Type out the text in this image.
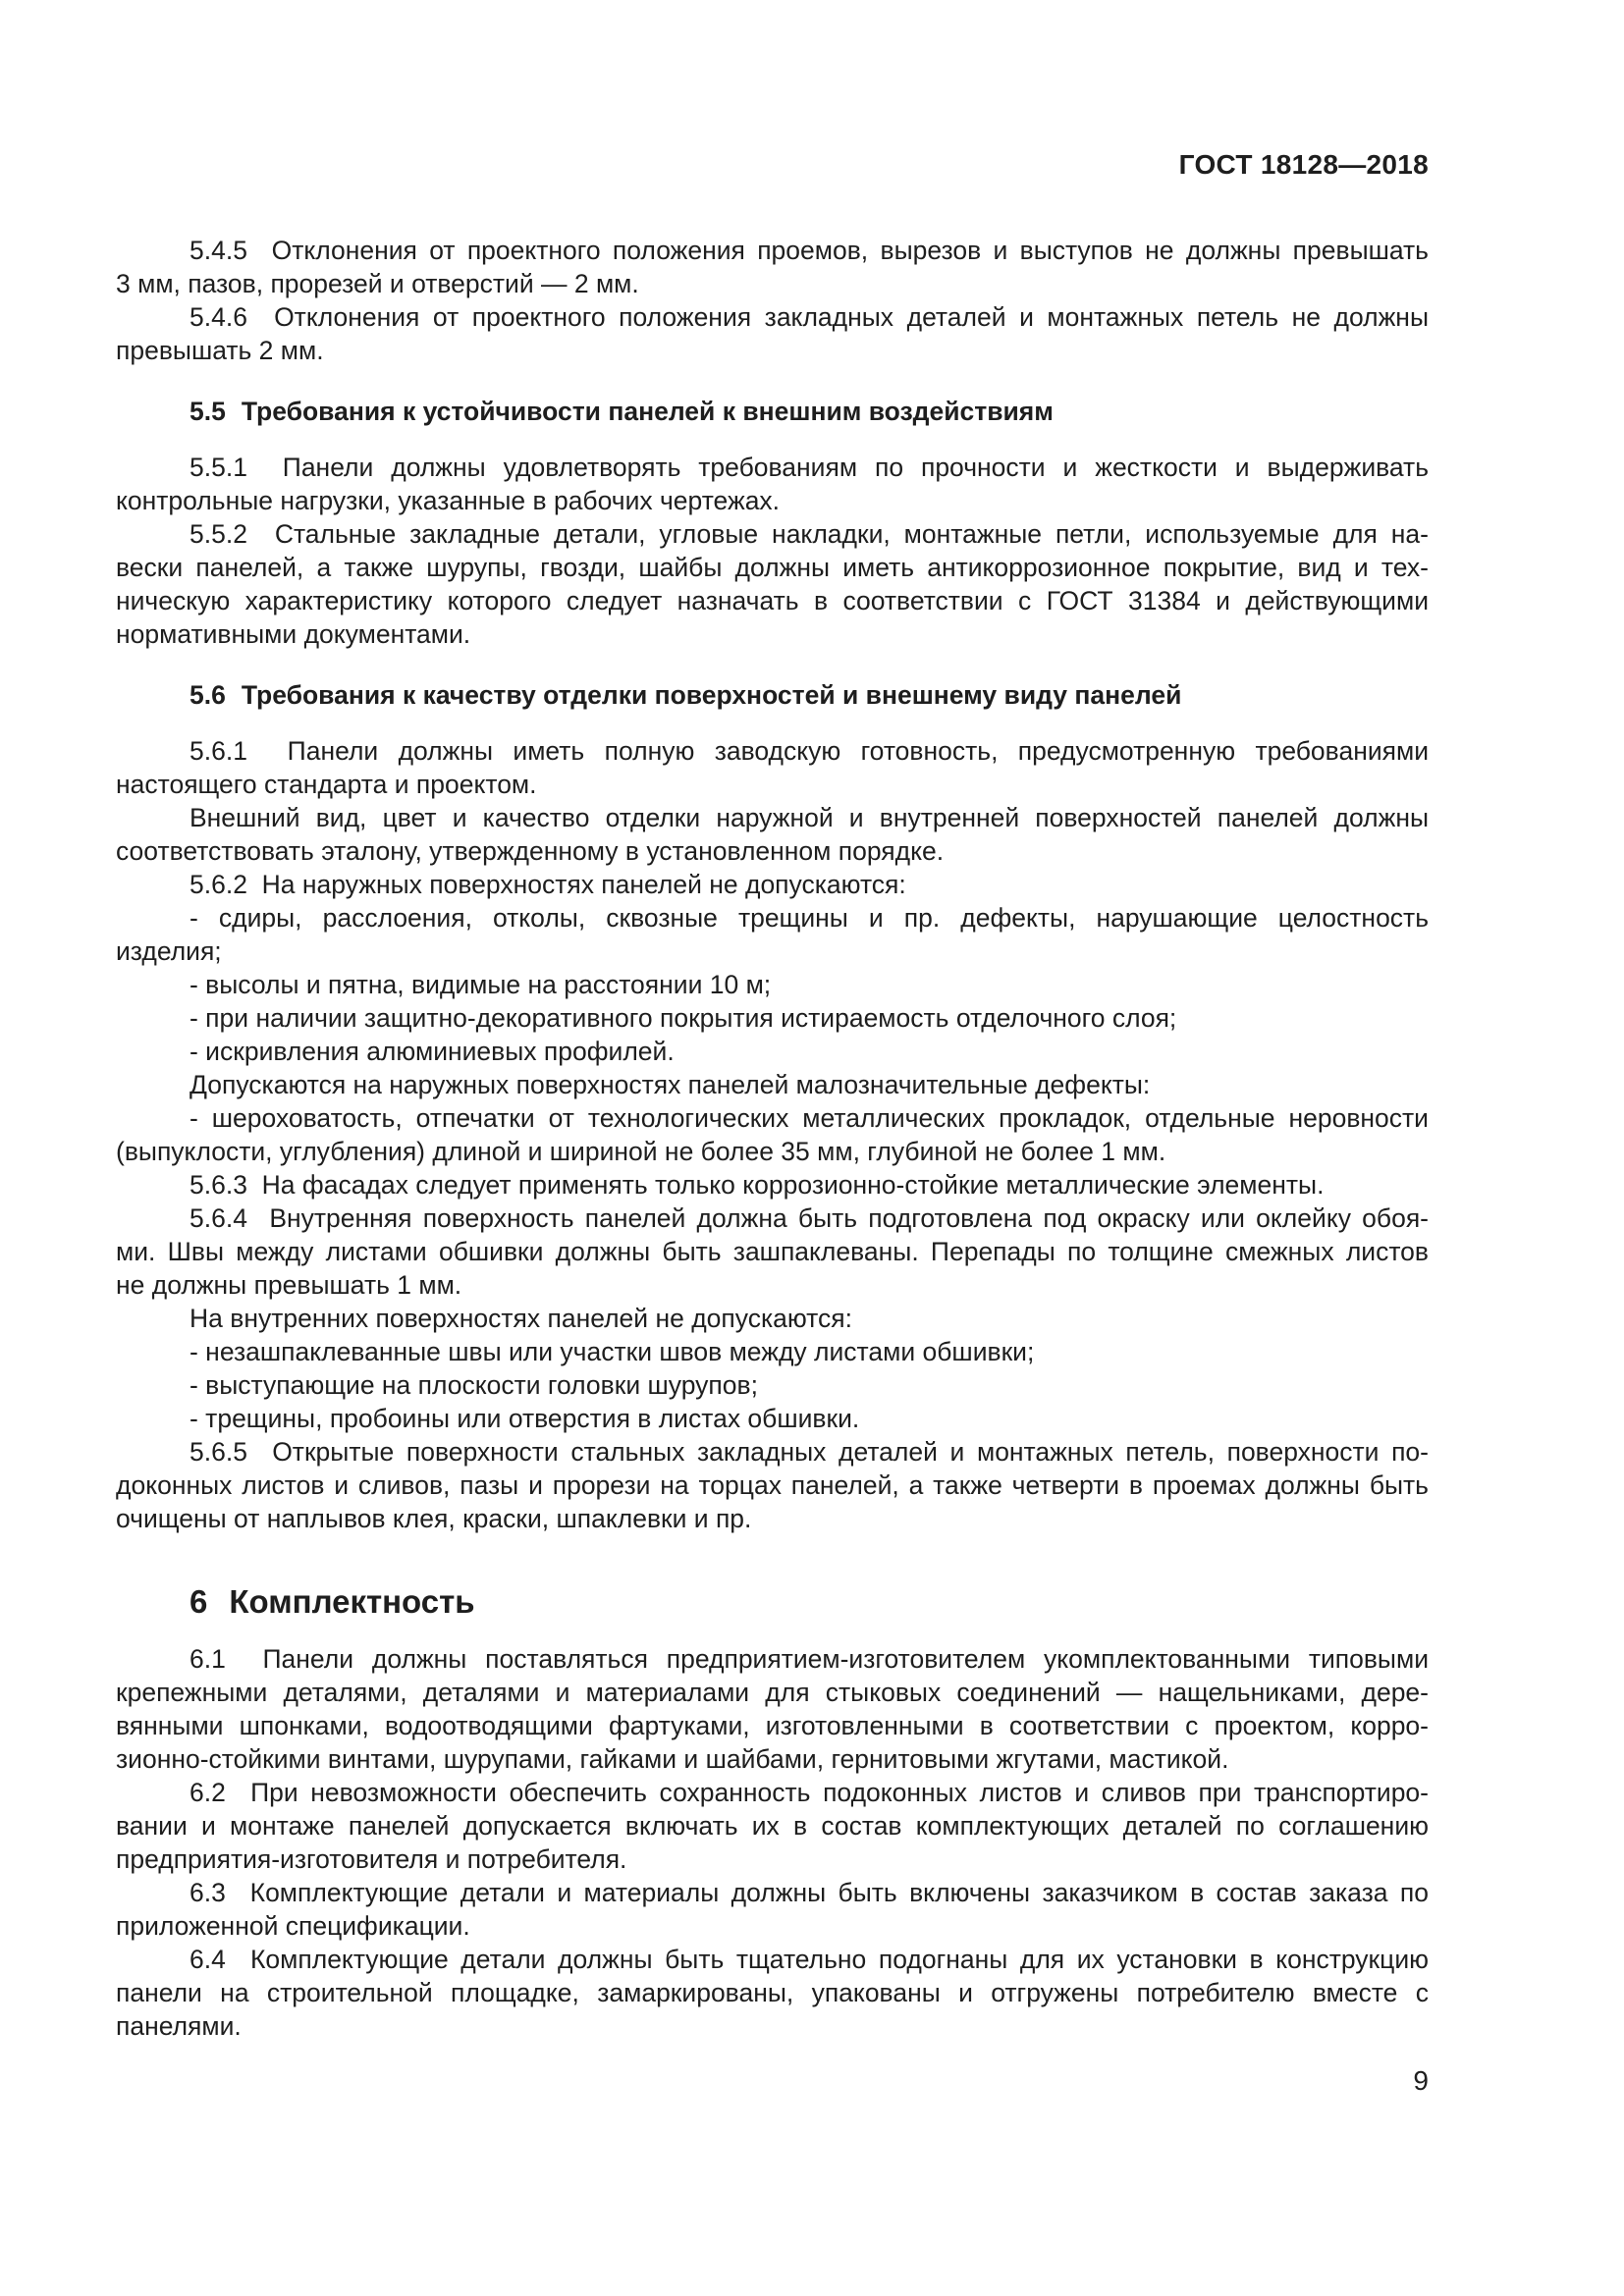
ГОСТ 18128—2018
5.4.5  Отклонения от проектного положения проемов, вырезов и выступов не должны превышать
3 мм, пазов, прорезей и отверстий — 2 мм.
5.4.6  Отклонения от проектного положения закладных деталей и монтажных петель не должны
превышать 2 мм.
5.5 Требования к устойчивости панелей к внешним воздействиям
5.5.1  Панели должны удовлетворять требованиям по прочности и жесткости и выдерживать
контрольные нагрузки, указанные в рабочих чертежах.
5.5.2  Стальные закладные детали, угловые накладки, монтажные петли, используемые для на-
вески панелей, а также шурупы, гвозди, шайбы должны иметь антикоррозионное покрытие, вид и тех-
ническую характеристику которого следует назначать в соответствии с ГОСТ 31384 и действующими
нормативными документами.
5.6 Требования к качеству отделки поверхностей и внешнему виду панелей
5.6.1  Панели должны иметь полную заводскую готовность, предусмотренную требованиями
настоящего стандарта и проектом.
Внешний вид, цвет и качество отделки наружной и внутренней поверхностей панелей должны
соответствовать эталону, утвержденному в установленном порядке.
5.6.2  На наружных поверхностях панелей не допускаются:
- сдиры, расслоения, отколы, сквозные трещины и пр. дефекты, нарушающие целостность
изделия;
- высолы и пятна, видимые на расстоянии 10 м;
- при наличии защитно-декоративного покрытия истираемость отделочного слоя;
- искривления алюминиевых профилей.
Допускаются на наружных поверхностях панелей малозначительные дефекты:
- шероховатость, отпечатки от технологических металлических прокладок, отдельные неровности
(выпуклости, углубления) длиной и шириной не более 35 мм, глубиной не более 1 мм.
5.6.3  На фасадах следует применять только коррозионно-стойкие металлические элементы.
5.6.4  Внутренняя поверхность панелей должна быть подготовлена под окраску или оклейку обоя-
ми. Швы между листами обшивки должны быть зашпаклеваны. Перепады по толщине смежных листов
не должны превышать 1 мм.
На внутренних поверхностях панелей не допускаются:
- незашпаклеванные швы или участки швов между листами обшивки;
- выступающие на плоскости головки шурупов;
- трещины, пробоины или отверстия в листах обшивки.
5.6.5  Открытые поверхности стальных закладных деталей и монтажных петель, поверхности по-
доконных листов и сливов, пазы и прорези на торцах панелей, а также четверти в проемах должны быть
очищены от наплывов клея, краски, шпаклевки и пр.
6 Комплектность
6.1  Панели должны поставляться предприятием-изготовителем укомплектованными типовыми
крепежными деталями, деталями и материалами для стыковых соединений — нащельниками, дере-
вянными шпонками, водоотводящими фартуками, изготовленными в соответствии с проектом, корро-
зионно-стойкими винтами, шурупами, гайками и шайбами, гернитовыми жгутами, мастикой.
6.2  При невозможности обеспечить сохранность подоконных листов и сливов при транспортиро-
вании и монтаже панелей допускается включать их в состав комплектующих деталей по соглашению
предприятия-изготовителя и потребителя.
6.3  Комплектующие детали и материалы должны быть включены заказчиком в состав заказа по
приложенной спецификации.
6.4  Комплектующие детали должны быть тщательно подогнаны для их установки в конструкцию
панели на строительной площадке, замаркированы, упакованы и отгружены потребителю вместе с
панелями.
9
